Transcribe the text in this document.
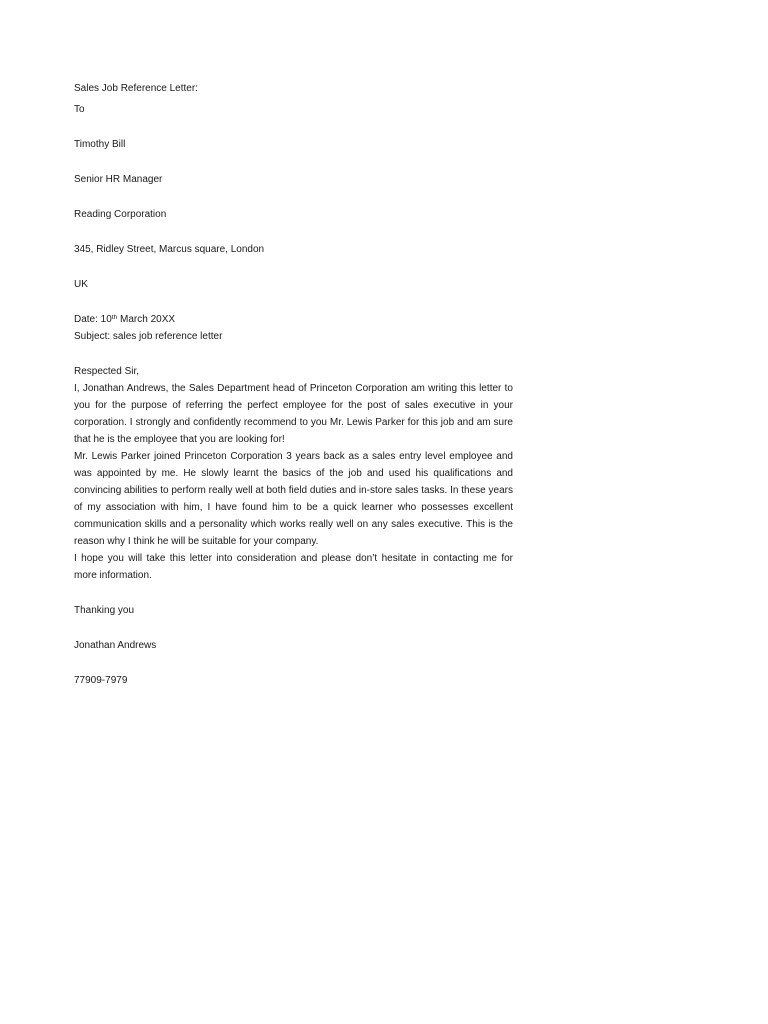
Sales Job Reference Letter:

To

Timothy Bill

Senior HR Manager

Reading Corporation

345, Ridley Street, Marcus square, London

UK

Date: 10th March 20XX

Subject: sales job reference letter

Respected Sir,

I, Jonathan Andrews, the Sales Department head of Princeton Corporation am writing this letter to you for the purpose of referring the perfect employee for the post of sales executive in your corporation. I strongly and confidently recommend to you Mr. Lewis Parker for this job and am sure that he is the employee that you are looking for!

Mr. Lewis Parker joined Princeton Corporation 3 years back as a sales entry level employee and was appointed by me. He slowly learnt the basics of the job and used his qualifications and convincing abilities to perform really well at both field duties and in-store sales tasks. In these years of my association with him, I have found him to be a quick learner who possesses excellent communication skills and a personality which works really well on any sales executive. This is the reason why I think he will be suitable for your company.

I hope you will take this letter into consideration and please don’t hesitate in contacting me for more information.

Thanking you

Jonathan Andrews

77909-7979
